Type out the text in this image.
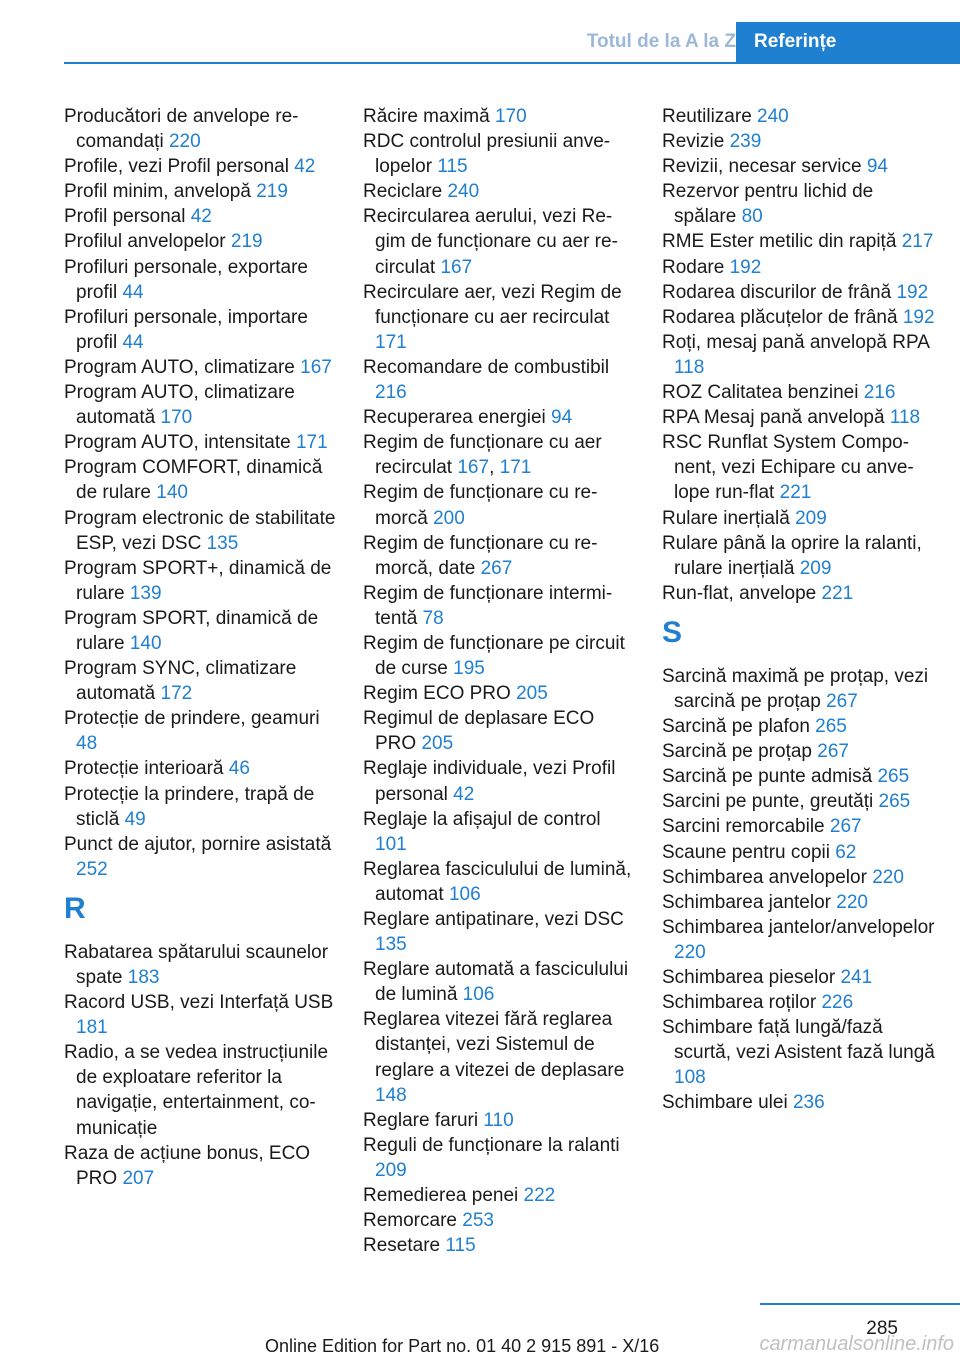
Totul de la A la Z Referințe
Producători de anvelope recomandați 220
Profile, vezi Profil personal 42
Profil minim, anvelopă 219
Profil personal 42
Profilul anvelopelor 219
Profiluri personale, exportare profil 44
Profiluri personale, importare profil 44
Program AUTO, climatizare 167
Program AUTO, climatizare automată 170
Program AUTO, intensitate 171
Program COMFORT, dinamică de rulare 140
Program electronic de stabilitate ESP, vezi DSC 135
Program SPORT+, dinamică de rulare 139
Program SPORT, dinamică de rulare 140
Program SYNC, climatizare automată 172
Protecție de prindere, geamuri 48
Protecție interioară 46
Protecție la prindere, trapă de sticlă 49
Punct de ajutor, pornire asistată 252
R
Rabatarea spătarului scaunelor spate 183
Racord USB, vezi Interfață USB 181
Radio, a se vedea instrucțiunile de exploatare referitor la navigație, entertainment, comunicație
Raza de acțiune bonus, ECO PRO 207
Răcire maximă 170
RDC controlul presiunii anvelopelor 115
Reciclare 240
Recircularea aerului, vezi Regim de funcționare cu aer recirculat 167
Recirculare aer, vezi Regim de funcționare cu aer recirculat 171
Recomandare de combustibil 216
Recuperarea energiei 94
Regim de funcționare cu aer recirculat 167, 171
Regim de funcționare cu remorcă 200
Regim de funcționare cu remorcă, date 267
Regim de funcționare intermitentă 78
Regim de funcționare pe circuit de curse 195
Regim ECO PRO 205
Regimul de deplasare ECO PRO 205
Reglaje individuale, vezi Profil personal 42
Reglaje la afișajul de control 101
Reglarea fasciculului de lumină, automat 106
Reglare antipatinare, vezi DSC 135
Reglare automată a fasciculului de lumină 106
Reglarea vitezei fără reglarea distanței, vezi Sistemul de reglare a vitezei de deplasare 148
Reglare faruri 110
Reguli de funcționare la ralanti 209
Remedierea penei 222
Remorcare 253
Resetare 115
Reutilizare 240
Revizie 239
Revizii, necesar service 94
Rezervor pentru lichid de spălare 80
RME Ester metilic din rapiță 217
Rodare 192
Rodarea discurilor de frână 192
Rodarea plăcuțelor de frână 192
Roți, mesaj pană anvelopă RPA 118
ROZ Calitatea benzinei 216
RPA Mesaj pană anvelopă 118
RSC Runflat System Component, vezi Echipare cu anvelope run-flat 221
Rulare inerțială 209
Rulare până la oprire la ralanti, rulare inerțială 209
Run-flat, anvelope 221
S
Sarcină maximă pe proțap, vezi sarcină pe proțap 267
Sarcină pe plafon 265
Sarcină pe proțap 267
Sarcină pe punte admisă 265
Sarcini pe punte, greutăți 265
Sarcini remorcabile 267
Scaune pentru copii 62
Schimbarea anvelopelor 220
Schimbarea jantelor 220
Schimbarea jantelor/anvelopelor 220
Schimbarea pieselor 241
Schimbarea roților 226
Schimbare față lungă/fază scurtă, vezi Asistent fază lungă 108
Schimbare ulei 236
285
Online Edition for Part no. 01 40 2 915 891 - X/16	carmanualsonline.info
